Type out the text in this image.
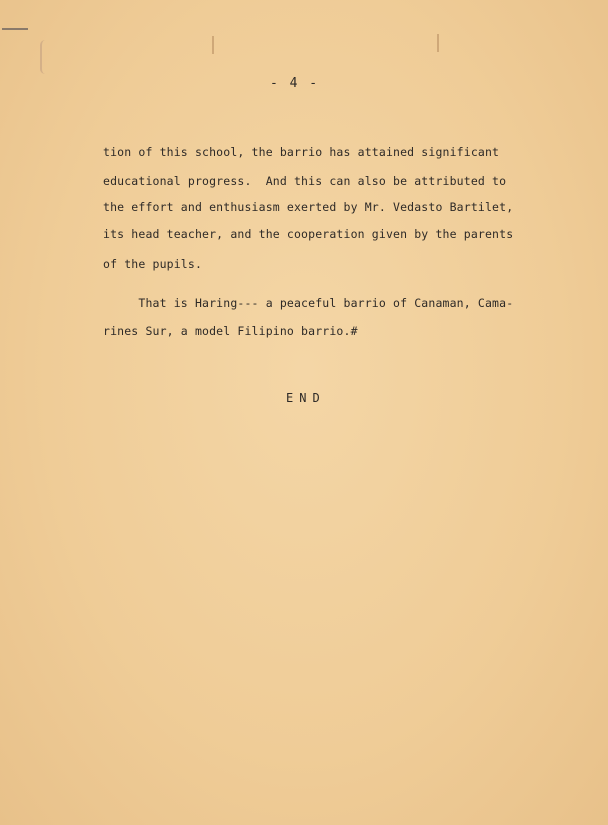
- 4 -
tion of this school, the barrio has attained significant
educational progress.  And this can also be attributed to
the effort and enthusiasm exerted by Mr. Vedasto Bartilet,
its head teacher, and the cooperation given by the parents
of the pupils.
That is Haring--- a peaceful barrio of Canaman, Cama-
rines Sur, a model Filipino barrio.#
END
